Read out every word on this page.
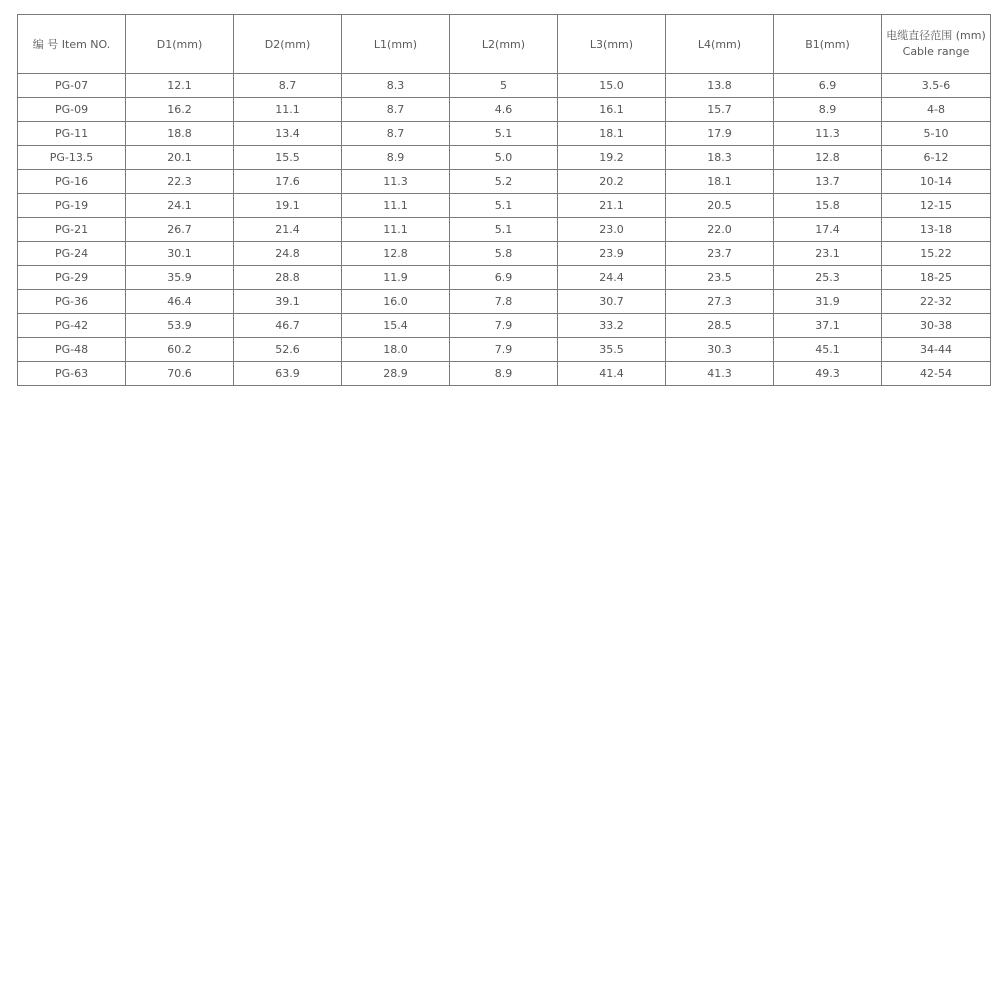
编 号 Item NO.	D1(mm)	D2(mm)	L1(mm)	L2(mm)	L3(mm)	L4(mm)	B1(mm)	电缆直径范围 (mm) Cable range
PG-07	12.1	8.7	8.3	5	15.0	13.8	6.9	3.5-6
PG-09	16.2	11.1	8.7	4.6	16.1	15.7	8.9	4-8
PG-11	18.8	13.4	8.7	5.1	18.1	17.9	11.3	5-10
PG-13.5	20.1	15.5	8.9	5.0	19.2	18.3	12.8	6-12
PG-16	22.3	17.6	11.3	5.2	20.2	18.1	13.7	10-14
PG-19	24.1	19.1	11.1	5.1	21.1	20.5	15.8	12-15
PG-21	26.7	21.4	11.1	5.1	23.0	22.0	17.4	13-18
PG-24	30.1	24.8	12.8	5.8	23.9	23.7	23.1	15.22
PG-29	35.9	28.8	11.9	6.9	24.4	23.5	25.3	18-25
PG-36	46.4	39.1	16.0	7.8	30.7	27.3	31.9	22-32
PG-42	53.9	46.7	15.4	7.9	33.2	28.5	37.1	30-38
PG-48	60.2	52.6	18.0	7.9	35.5	30.3	45.1	34-44
PG-63	70.6	63.9	28.9	8.9	41.4	41.3	49.3	42-54
